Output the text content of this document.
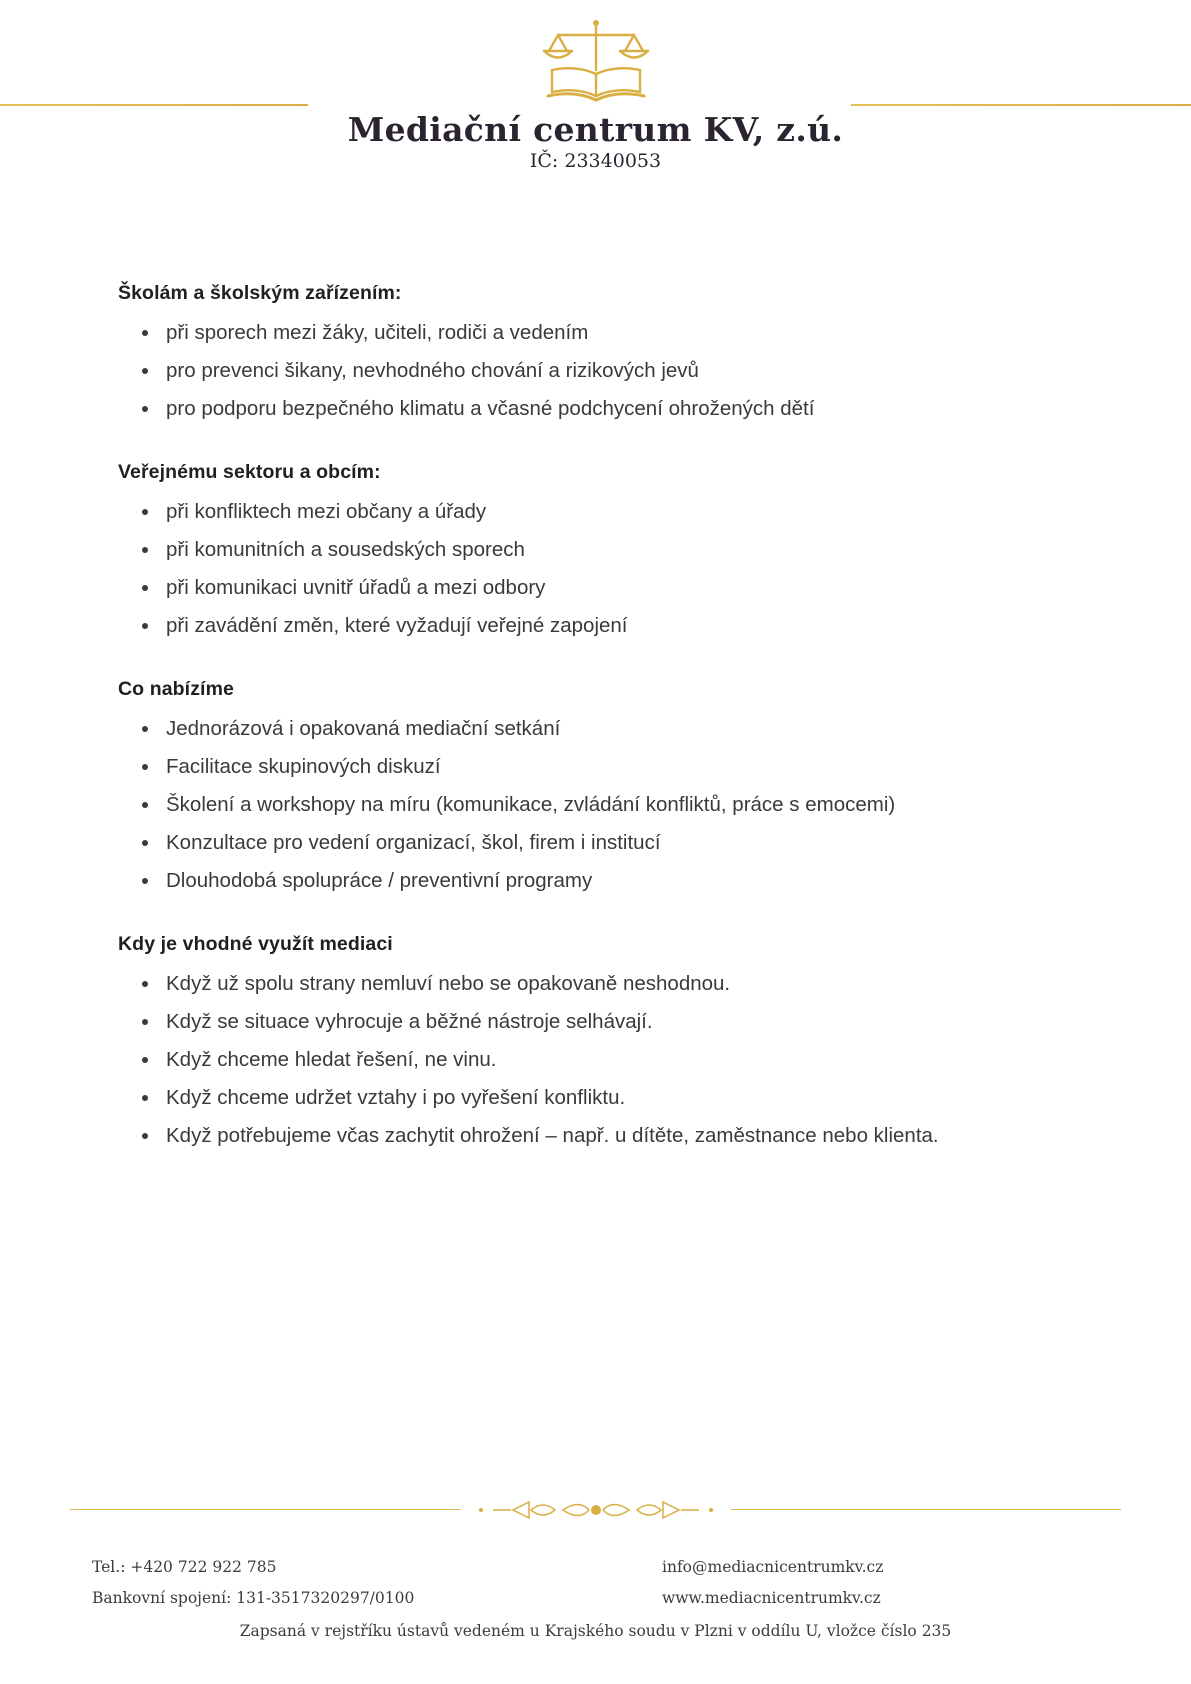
Mediační centrum KV, z.ú.
IČ: 23340053
Školám a školským zařízením:
při sporech mezi žáky, učiteli, rodiči a vedením
pro prevenci šikany, nevhodného chování a rizikových jevů
pro podporu bezpečného klimatu a včasné podchycení ohrožených dětí
Veřejnému sektoru a obcím:
při konfliktech mezi občany a úřady
při komunitních a sousedských sporech
při komunikaci uvnitř úřadů a mezi odbory
při zavádění změn, které vyžadují veřejné zapojení
Co nabízíme
Jednorázová i opakovaná mediační setkání
Facilitace skupinových diskuzí
Školení a workshopy na míru (komunikace, zvládání konfliktů, práce s emocemi)
Konzultace pro vedení organizací, škol, firem i institucí
Dlouhodobá spolupráce / preventivní programy
Kdy je vhodné využít mediaci
Když už spolu strany nemluví nebo se opakovaně neshodnou.
Když se situace vyhrocuje a běžné nástroje selhávají.
Když chceme hledat řešení, ne vinu.
Když chceme udržet vztahy i po vyřešení konfliktu.
Když potřebujeme včas zachytit ohrožení – např. u dítěte, zaměstnance nebo klienta.
Tel.: +420 722 922 785
Bankovní spojení: 131-3517320297/0100
info@mediacnicentrumkv.cz
www.mediacnicentrumkv.cz
Zapsaná v rejstříku ústavů vedeném u Krajského soudu v Plzni v oddílu U, vložce číslo 235
